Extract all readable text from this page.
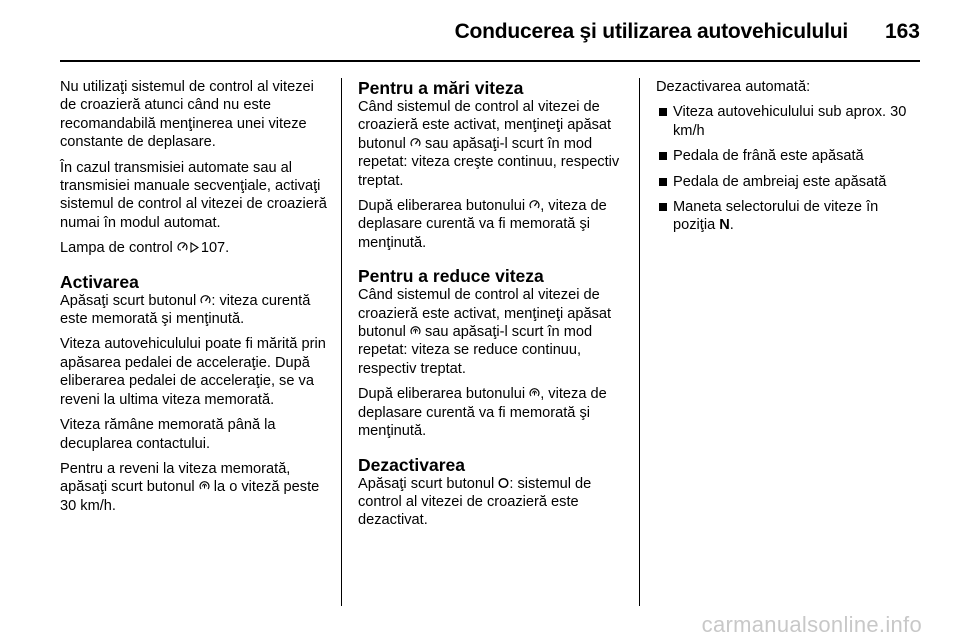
Conducerea şi utilizarea autovehiculului 163

Nu utilizaţi sistemul de control al vitezei de croazieră atunci când nu este recomandabilă menţinerea unei viteze constante de deplasare.

În cazul transmisiei automate sau al transmisiei manuale secvenţiale, activaţi sistemul de control al vitezei de croazieră numai în modul automat.

Lampa de control
107.

Activarea

Apăsaţi scurt butonul
: viteza curentă este memorată şi menţinută.

Viteza autovehiculului poate fi mărită prin apăsarea pedalei de acceleraţie. După eliberarea pedalei de acceleraţie, se va reveni la ultima viteza memorată.

Viteza rămâne memorată până la decuplarea contactului.

Pentru a reveni la viteza memorată, apăsaţi scurt butonul
la o viteză peste 30 km/h.

Pentru a mări viteza

Când sistemul de control al vitezei de croazieră este activat, menţineţi apăsat butonul
sau apăsaţi-l scurt în mod repetat: viteza creşte continuu, respectiv treptat.

După eliberarea butonului
, viteza de deplasare curentă va fi memorată şi menţinută.

Pentru a reduce viteza

Când sistemul de control al vitezei de croazieră este activat, menţineţi apăsat butonul
sau apăsaţi-l scurt în mod repetat: viteza se reduce continuu, respectiv treptat.

După eliberarea butonului
, viteza de deplasare curentă va fi memorată şi menţinută.

Dezactivarea

Apăsaţi scurt butonul
: sistemul de control al vitezei de croazieră este dezactivat.

Dezactivarea automată:

Viteza autovehiculului sub aprox. 30 km/h
Pedala de frână este apăsată
Pedala de ambreiaj este apăsată
Maneta selectorului de viteze în poziţia N.
carmanualsonline.info
